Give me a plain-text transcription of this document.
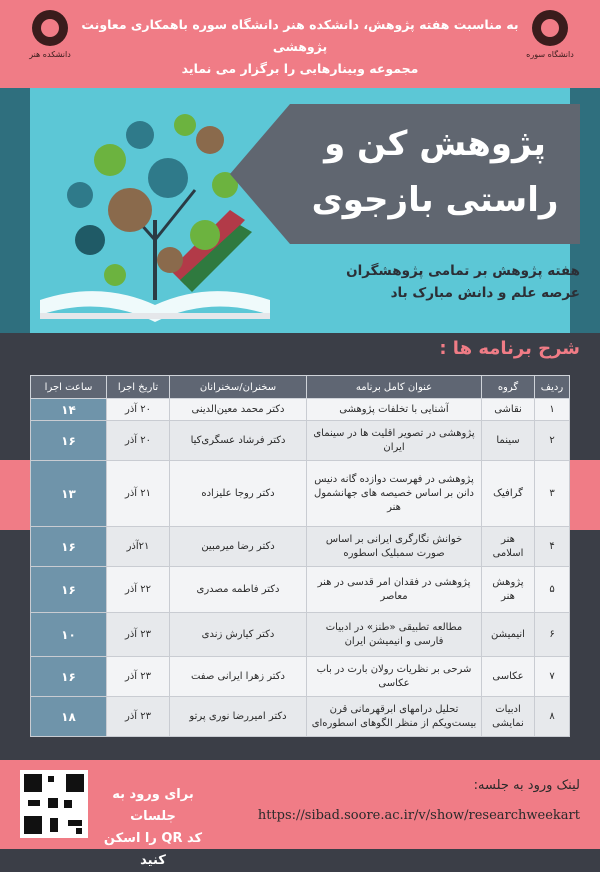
دانشکده هنر	دانشگاه سوره
به مناسبت هفته پژوهش، دانشکده هنر دانشگاه سوره باهمکاری معاونت پژوهشی
مجموعه وبینارهایی را برگزار می نماید
پژوهش کن و
راستی بازجوی
هفته پژوهش بر تمامی پژوهشگران
عرصه علم و دانش مبارک باد
شرح برنامه ها :
ردیف	گروه	عنوان کامل برنامه	سخنران/سخنرانان	تاریخ اجرا	ساعت اجرا
۱	نقاشی	آشنایی با تخلفات پژوهشی	دکتر محمد معین‌الدینی	۲۰ آذر	۱۴
۲	سینما	پژوهشی در تصویر اقلیت ها در سینمای ایران	دکتر فرشاد عسگری‌کیا	۲۰ آذر	۱۶
۳	گرافیک	پژوهشی در فهرست دوازده گانه دنیس دانن بر اساس خصیصه های جهانشمول هنر	دکتر روجا علیزاده	۲۱ آذر	۱۳
۴	هنر اسلامی	خوانش نگارگری ایرانی بر اساس صورت سمبلیک اسطوره	دکتر رضا میرمبین	۲۱آذر	۱۶
۵	پژوهش هنر	پژوهشی در فقدان امر قدسی در هنر معاصر	دکتر فاطمه مصدری	۲۲ آذر	۱۶
۶	انیمیشن	مطالعه تطبیقی «طنز» در ادبیات فارسی و انیمیشن ایران	دکتر کیارش زندی	۲۳ آذر	۱۰
۷	عکاسی	شرحی بر نظریات رولان بارت در باب عکاسی	دکتر زهرا ایرانی صفت	۲۳ آذر	۱۶
۸	ادبیات نمایشی	تحلیل درامهای ابرقهرمانی قرن بیست‌ویکم از منظر الگوهای اسطوره‌ای	دکتر امیررضا نوری پرتو	۲۳ آذر	۱۸
برای ورود به جلسات
کد QR را اسکن کنید
لینک ورود به جلسه:
https://sibad.soore.ac.ir/v/show/researchweekart
